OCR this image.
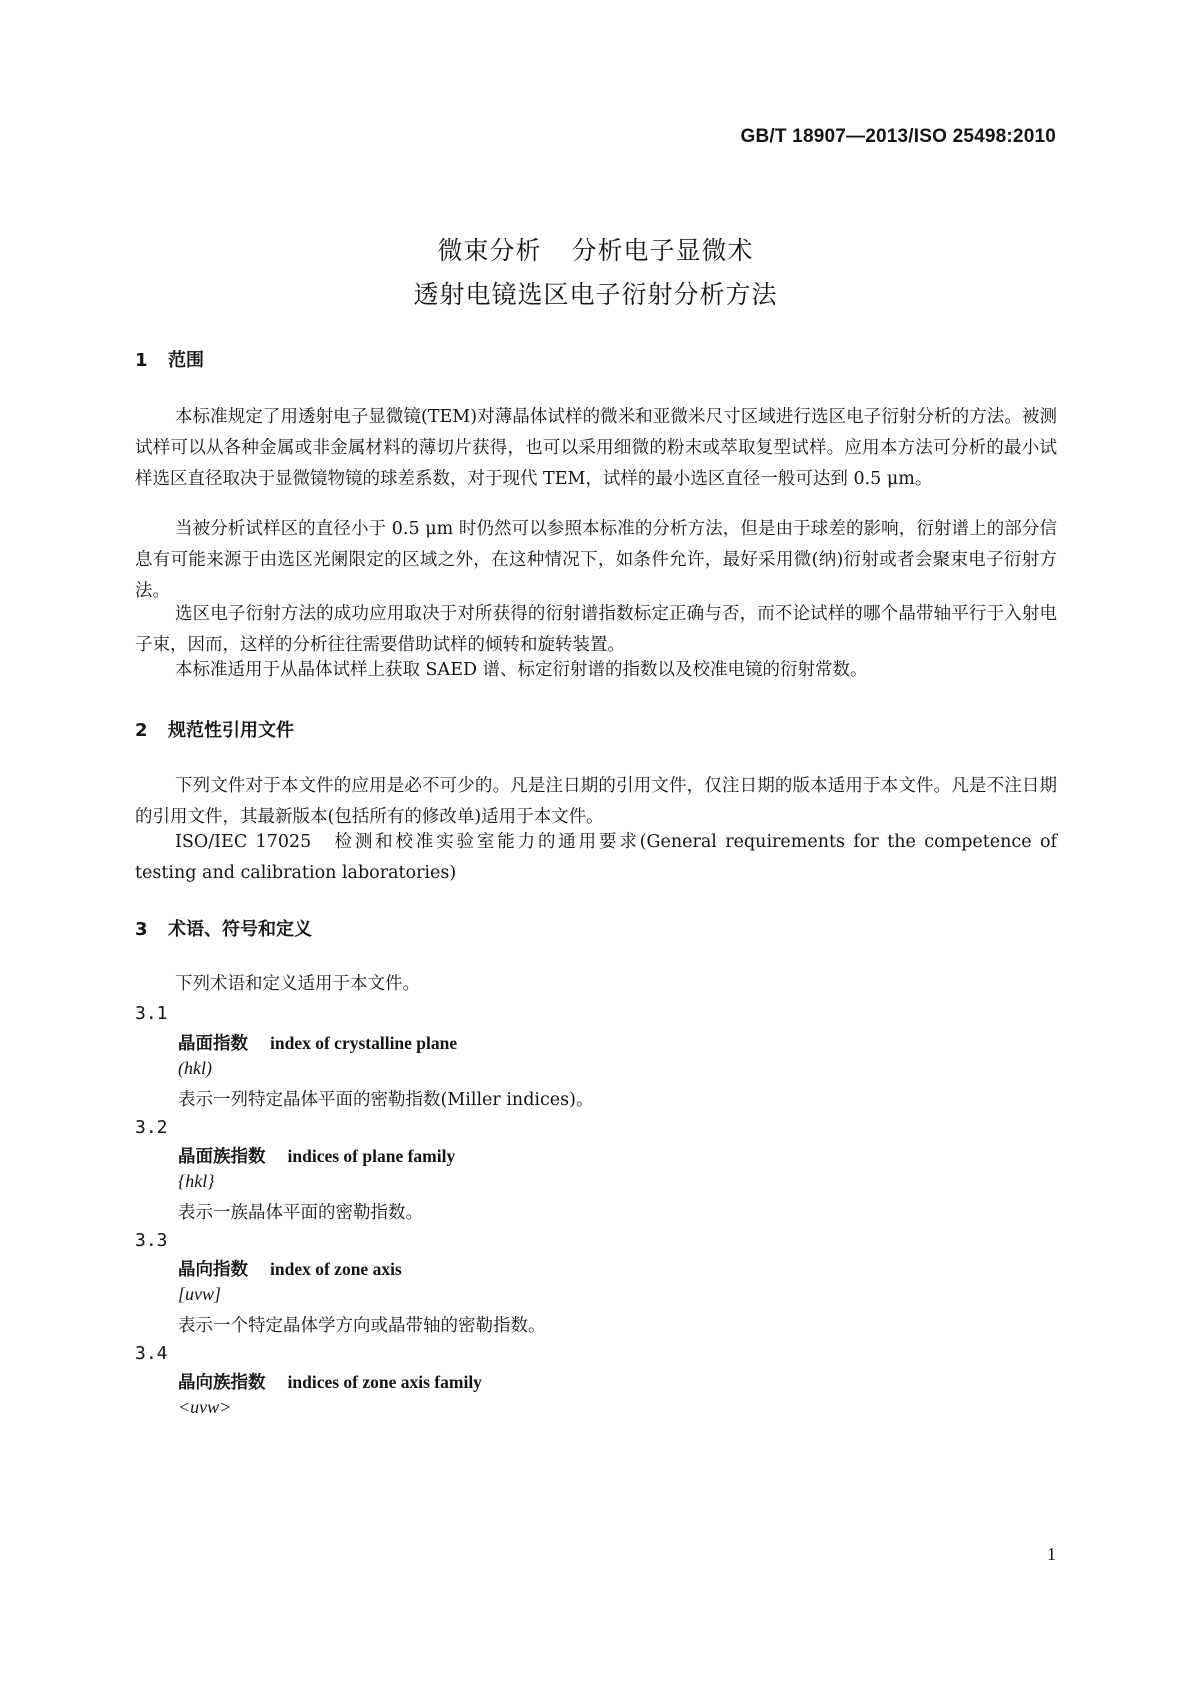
GB/T 18907—2013/ISO 25498:2010
微束分析 分析电子显微术
透射电镜选区电子衍射分析方法
1 范围
本标准规定了用透射电子显微镜(TEM)对薄晶体试样的微米和亚微米尺寸区域进行选区电子衍射分析的方法。被测试样可以从各种金属或非金属材料的薄切片获得，也可以采用细微的粉末或萃取复型试样。应用本方法可分析的最小试样选区直径取决于显微镜物镜的球差系数，对于现代 TEM，试样的最小选区直径一般可达到 0.5 μm。
当被分析试样区的直径小于 0.5 μm 时仍然可以参照本标准的分析方法，但是由于球差的影响，衍射谱上的部分信息有可能来源于由选区光阑限定的区域之外，在这种情况下，如条件允许，最好采用微(纳)衍射或者会聚束电子衍射方法。
选区电子衍射方法的成功应用取决于对所获得的衍射谱指数标定正确与否，而不论试样的哪个晶带轴平行于入射电子束，因而，这样的分析往往需要借助试样的倾转和旋转装置。
本标准适用于从晶体试样上获取 SAED 谱、标定衍射谱的指数以及校准电镜的衍射常数。
2 规范性引用文件
下列文件对于本文件的应用是必不可少的。凡是注日期的引用文件，仅注日期的版本适用于本文件。凡是不注日期的引用文件，其最新版本(包括所有的修改单)适用于本文件。
ISO/IEC 17025　检测和校准实验室能力的通用要求(General requirements for the competence of testing and calibration laboratories)
3 术语、符号和定义
下列术语和定义适用于本文件。
3.1
晶面指数 index of crystalline plane
(hkl)
表示一列特定晶体平面的密勒指数(Miller indices)。
3.2
晶面族指数 indices of plane family
{hkl}
表示一族晶体平面的密勒指数。
3.3
晶向指数 index of zone axis
[uvw]
表示一个特定晶体学方向或晶带轴的密勒指数。
3.4
晶向族指数 indices of zone axis family
<uvw>
1
